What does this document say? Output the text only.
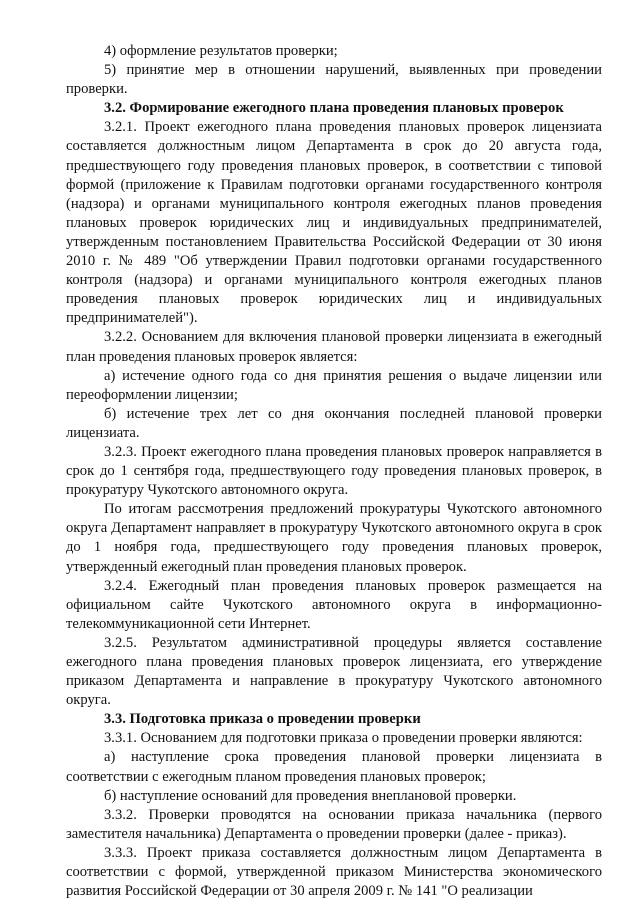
4) оформление результатов проверки;

5) принятие мер в отношении нарушений, выявленных при проведении проверки.

3.2. Формирование ежегодного плана проведения плановых проверок

3.2.1. Проект ежегодного плана проведения плановых проверок лицензиата составляется должностным лицом Департамента в срок до 20 августа года, предшествующего году проведения плановых проверок, в соответствии с типовой формой (приложение к Правилам подготовки органами государственного контроля (надзора) и органами муниципального контроля ежегодных планов проведения плановых проверок юридических лиц и индивидуальных предпринимателей, утвержденным постановлением Правительства Российской Федерации от 30 июня 2010 г. № 489 "Об утверждении Правил подготовки органами государственного контроля (надзора) и органами муниципального контроля ежегодных планов проведения плановых проверок юридических лиц и индивидуальных предпринимателей").

3.2.2. Основанием для включения плановой проверки лицензиата в ежегодный план проведения плановых проверок является:

а) истечение одного года со дня принятия решения о выдаче лицензии или переоформлении лицензии;

б) истечение трех лет со дня окончания последней плановой проверки лицензиата.

3.2.3. Проект ежегодного плана проведения плановых проверок направляется в срок до 1 сентября года, предшествующего году проведения плановых проверок, в прокуратуру Чукотского автономного округа.

По итогам рассмотрения предложений прокуратуры Чукотского автономного округа Департамент направляет в прокуратуру Чукотского автономного округа в срок до 1 ноября года, предшествующего году проведения плановых проверок, утвержденный ежегодный план проведения плановых проверок.

3.2.4. Ежегодный план проведения плановых проверок размещается на официальном сайте Чукотского автономного округа в информационно-телекоммуникационной сети Интернет.

3.2.5. Результатом административной процедуры является составление ежегодного плана проведения плановых проверок лицензиата, его утверждение приказом Департамента и направление в прокуратуру Чукотского автономного округа.

3.3. Подготовка приказа о проведении проверки

3.3.1. Основанием для подготовки приказа о проведении проверки являются:

а) наступление срока проведения плановой проверки лицензиата в соответствии с ежегодным планом проведения плановых проверок;

б) наступление оснований для проведения внеплановой проверки.

3.3.2. Проверки проводятся на основании приказа начальника (первого заместителя начальника) Департамента о проведении проверки (далее - приказ).

3.3.3. Проект приказа составляется должностным лицом Департамента в соответствии с формой, утвержденной приказом Министерства экономического развития Российской Федерации от 30 апреля 2009 г. № 141 "О реализации
